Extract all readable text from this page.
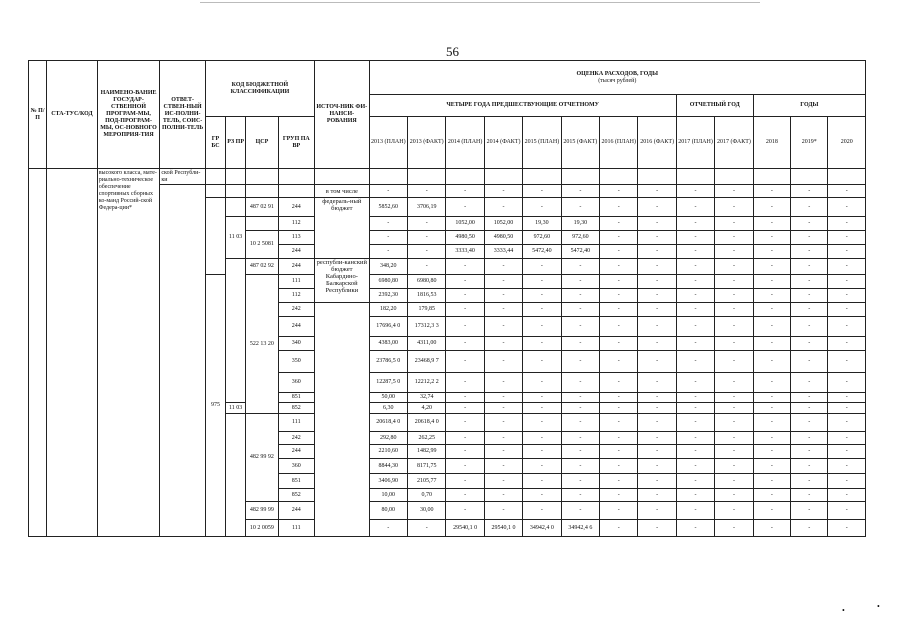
56
№ П/П	СТА-ТУС/КОД	НАИМЕНО-ВАНИЕ ГОСУДАР-СТВЕННОЙ ПРОГРАМ-МЫ, ПОД-ПРОГРАМ-МЫ, ОС-НОВНОГО МЕРОПРИЯ-ТИЯ	ОТВЕТ-СТВЕН-НЫЙ ИС-ПОЛНИ-ТЕЛЬ, СОИС-ПОЛНИ-ТЕЛЬ	КОД БЮДЖЕТНОЙ КЛАССИФИКАЦИИ				ИСТОЧ-НИК ФИ-НАНСИ-РОВАНИЯ	ОЦЕНКА РАСХОДОВ, ГОДЫ
(тысяч рублей)												
									ЧЕТЫРЕ ГОДА ПРЕДШЕСТВУЮЩИЕ ОТЧЕТНОМУ								ОТЧЕТНЫЙ ГОД		ГОДЫ		
				ГР БС	РЗ ПР	ЦСР	ГРУП ПА ВР		2013 (ПЛАН)	2013 (ФАКТ)	2014 (ПЛАН)	2014 (ФАКТ)	2015 (ПЛАН)	2015 (ФАКТ)	2016 (ПЛАН)	2016 (ФАКТ)	2017 (ПЛАН)	2017 (ФАКТ)	2018	2019*	2020
		высокого класса, мате-риально-техническое обеспечение спортивных сборных ко-манд Россий-ской Федера-ции*	ской Республи-ки																		
								в том числе	-	-	-	-	-	-	-	-	-	-	-	-	-
						487 02 91	244	федераль-ный бюджет	5852,60	3706,19	-	-	-	-	-	-	-	-	-	-	-
					11 03		112		-	-	1052,00	1052,00	19,30	19,30	-	-	-	-	-	-	-
						10 2 5081	113		-	-	4980,50	4980,50	972,60	972,60	-	-	-	-	-	-	-
							244		-	-	3333,40	3333,44	5472,40	5472,40	-	-	-	-	-	-	-
						487 02 92	244	республи-канский бюджет Кабардино-Балкарской Республики	348,20	-	-	-	-	-	-	-	-	-	-	-	-
				975		522 13 20	111		6980,80	6980,80	-	-	-	-	-	-	-	-	-	-	-
							112		2392,30	1816,53	-	-	-	-	-	-	-	-	-	-	-
							242		182,20	179,85	-	-	-	-	-	-	-	-	-	-	-
							244		17696,4 0	17312,3 3	-	-	-	-	-	-	-	-	-	-	-
							340		4383,00	4311,00	-	-	-	-	-	-	-	-	-	-	-
							350		23786,5 0	23468,9 7	-	-	-	-	-	-	-	-	-	-	-
							360		12287,5 0	12212,2 2	-	-	-	-	-	-	-	-	-	-	-
							851		50,00	32,74	-	-	-	-	-	-	-	-	-	-	-
					11 03		852		6,30	4,20	-	-	-	-	-	-	-	-	-	-	-
						482 99 92	111		20618,4 0	20618,4 0	-	-	-	-	-	-	-	-	-	-	-
							242		292,80	262,25	-	-	-	-	-	-	-	-	-	-	-
							244		2210,60	1482,99	-	-	-	-	-	-	-	-	-	-	-
							360		8844,30	8171,75	-	-	-	-	-	-	-	-	-	-	-
							851		3406,90	2105,77	-	-	-	-	-	-	-	-	-	-	-
							852		10,00	0,70	-	-	-	-	-	-	-	-	-	-	-
						482 99 99	244		80,00	30,00	-	-	-	-	-	-	-	-	-	-	-
						10 2 0059	111		-	-	29540,1 0	29540,1 0	34942,4 0	34942,4 6	-	-	-	-	-	-	-
•	•
